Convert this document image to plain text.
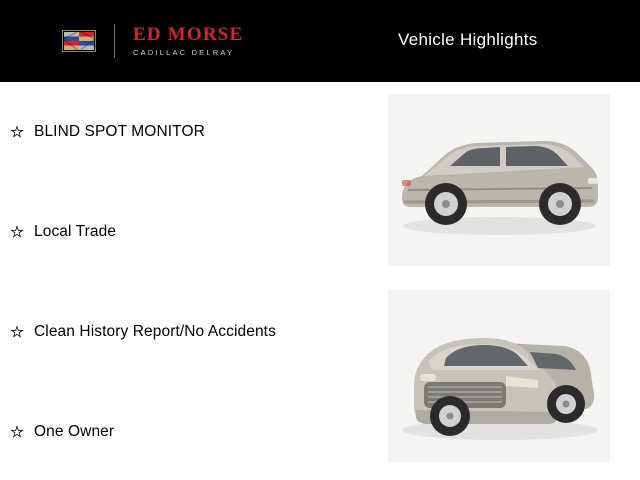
ED MORSE
CADILLAC DELRAY
Vehicle Highlights
BLIND SPOT MONITOR
Local Trade
Clean History Report/No Accidents
One Owner
